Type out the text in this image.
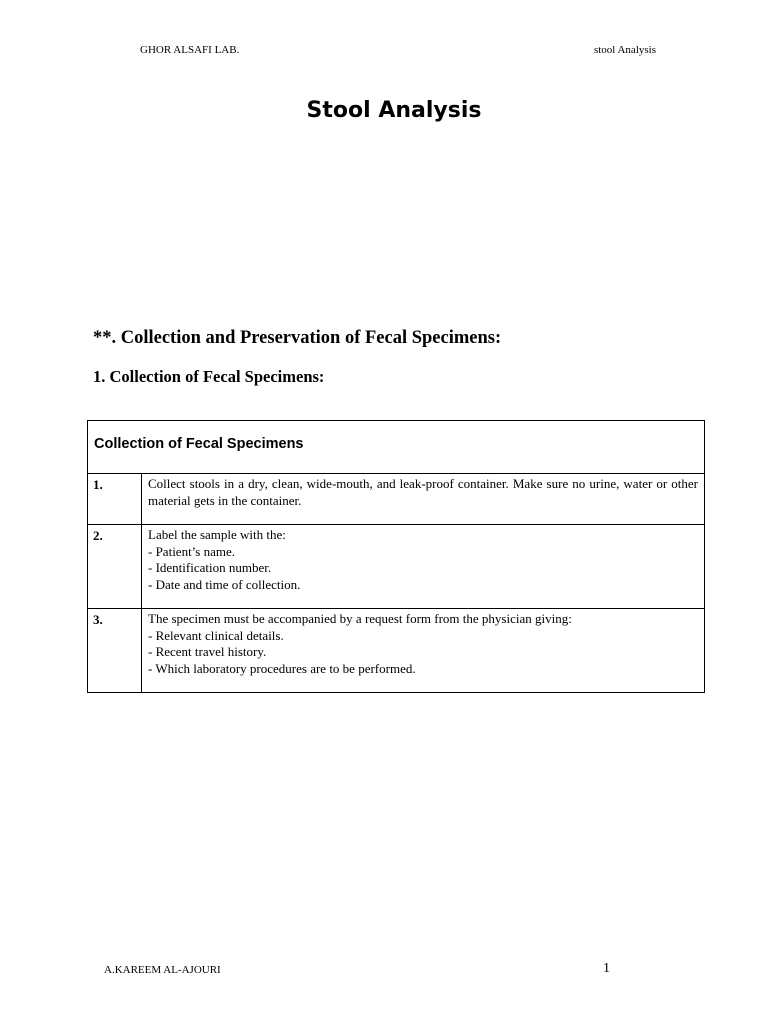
GHOR ALSAFI LAB.	stool Analysis
Stool Analysis
**. Collection and Preservation of Fecal Specimens:
1. Collection of Fecal Specimens:
Collection of Fecal Specimens	

1.	Collect stools in a dry, clean, wide-mouth, and leak-proof container. Make sure no urine, water or other material gets in the container.

2.	Label the sample with the:
- Patient’s name.
- Identification number.
- Date and time of collection.

3.	The specimen must be accompanied by a request form from the physician giving:
- Relevant clinical details.
- Recent travel history.
- Which laboratory procedures are to be performed.
A.KAREEM AL-AJOURI	1
